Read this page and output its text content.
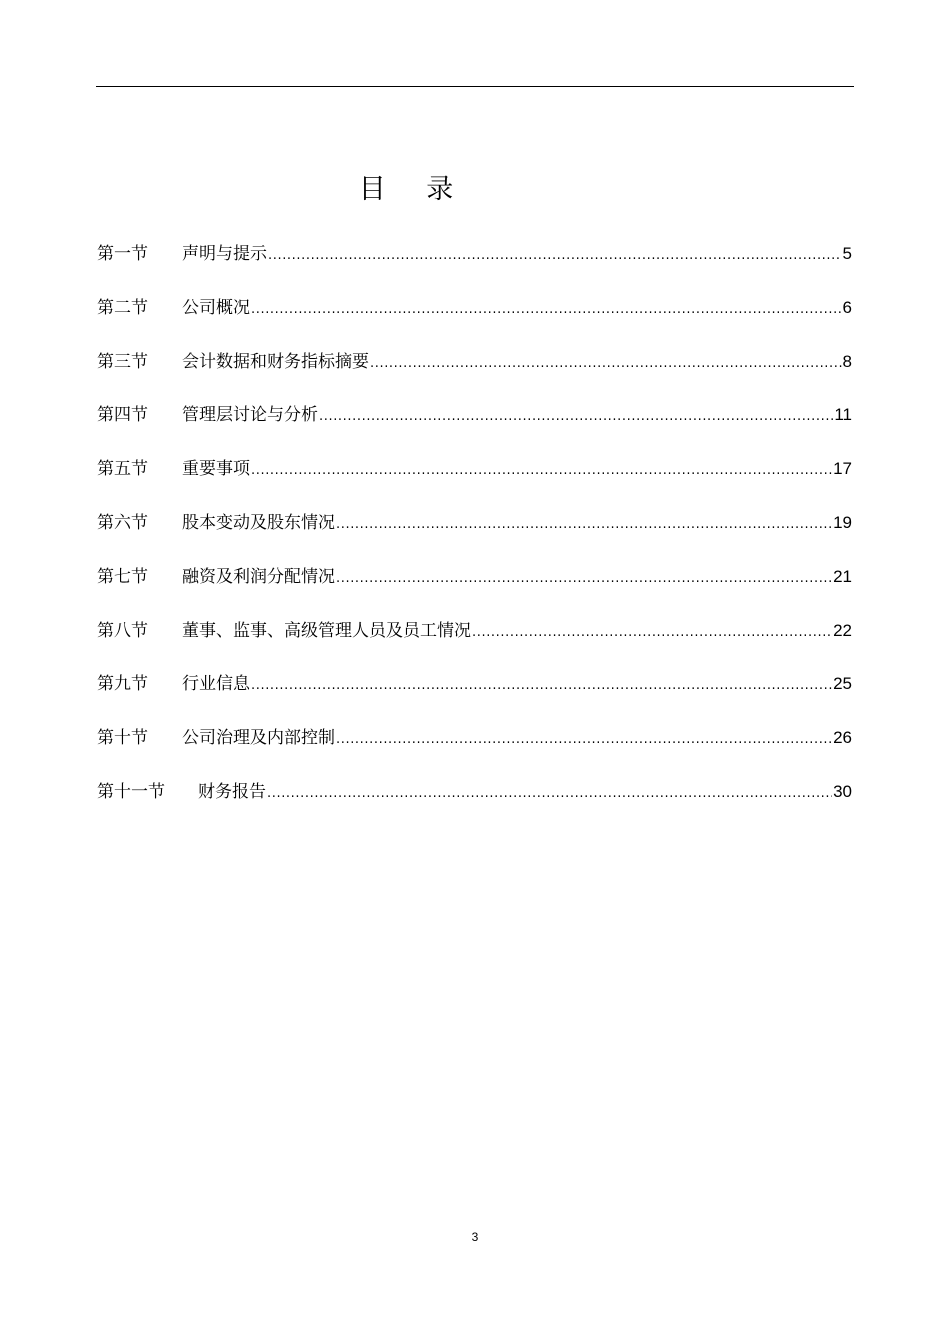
目 录
第一节	声明与提示 .....	5
第二节	公司概况 .....	6
第三节	会计数据和财务指标摘要 .....	8
第四节	管理层讨论与分析 .....	11
第五节	重要事项 .....	17
第六节	股本变动及股东情况 .....	19
第七节	融资及利润分配情况 .....	21
第八节	董事、监事、高级管理人员及员工情况 .....	22
第九节	行业信息 .....	25
第十节	公司治理及内部控制 .....	26
第十一节	财务报告 .....	30
3
